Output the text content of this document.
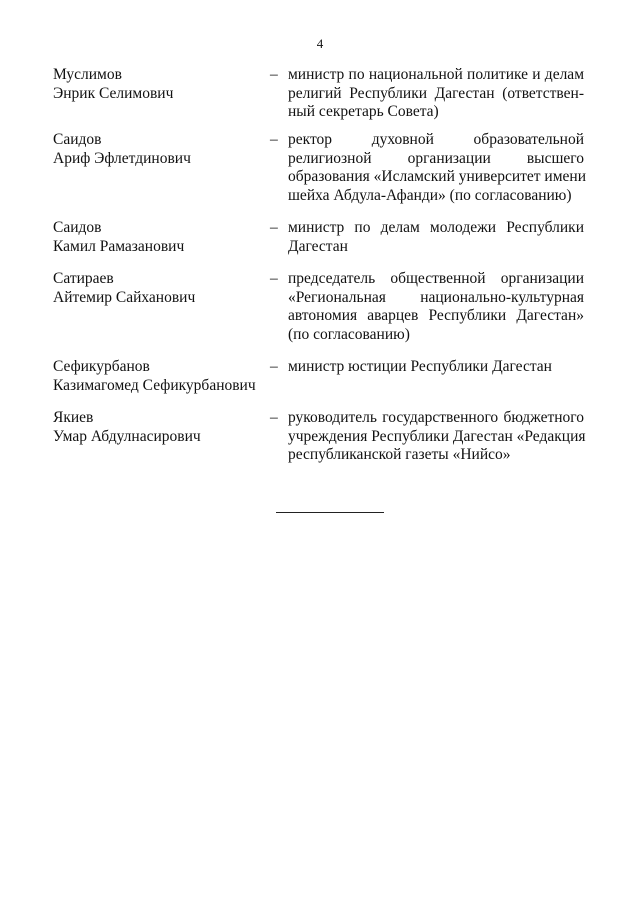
4
Муслимов
Энрик Селимович
– министр по национальной политике и делам
религий Республики Дагестан (ответствен-
ный секретарь Совета)
Саидов
Ариф Эфлетдинович
– ректор духовной образовательной
религиозной организации высшего
образования «Исламский университет имени
шейха Абдула-Афанди» (по согласованию)
Саидов
Камил Рамазанович
– министр по делам молодежи Республики
Дагестан
Сатираев
Айтемир Сайханович
– председатель общественной организации
«Региональная национально-культурная
автономия аварцев Республики Дагестан»
(по согласованию)
Сефикурбанов
Казимагомед Сефикурбанович
– министр юстиции Республики Дагестан
Якиев
Умар Абдулнасирович
– руководитель государственного бюджетного
учреждения Республики Дагестан «Редакция
республиканской газеты «Нийсо»
